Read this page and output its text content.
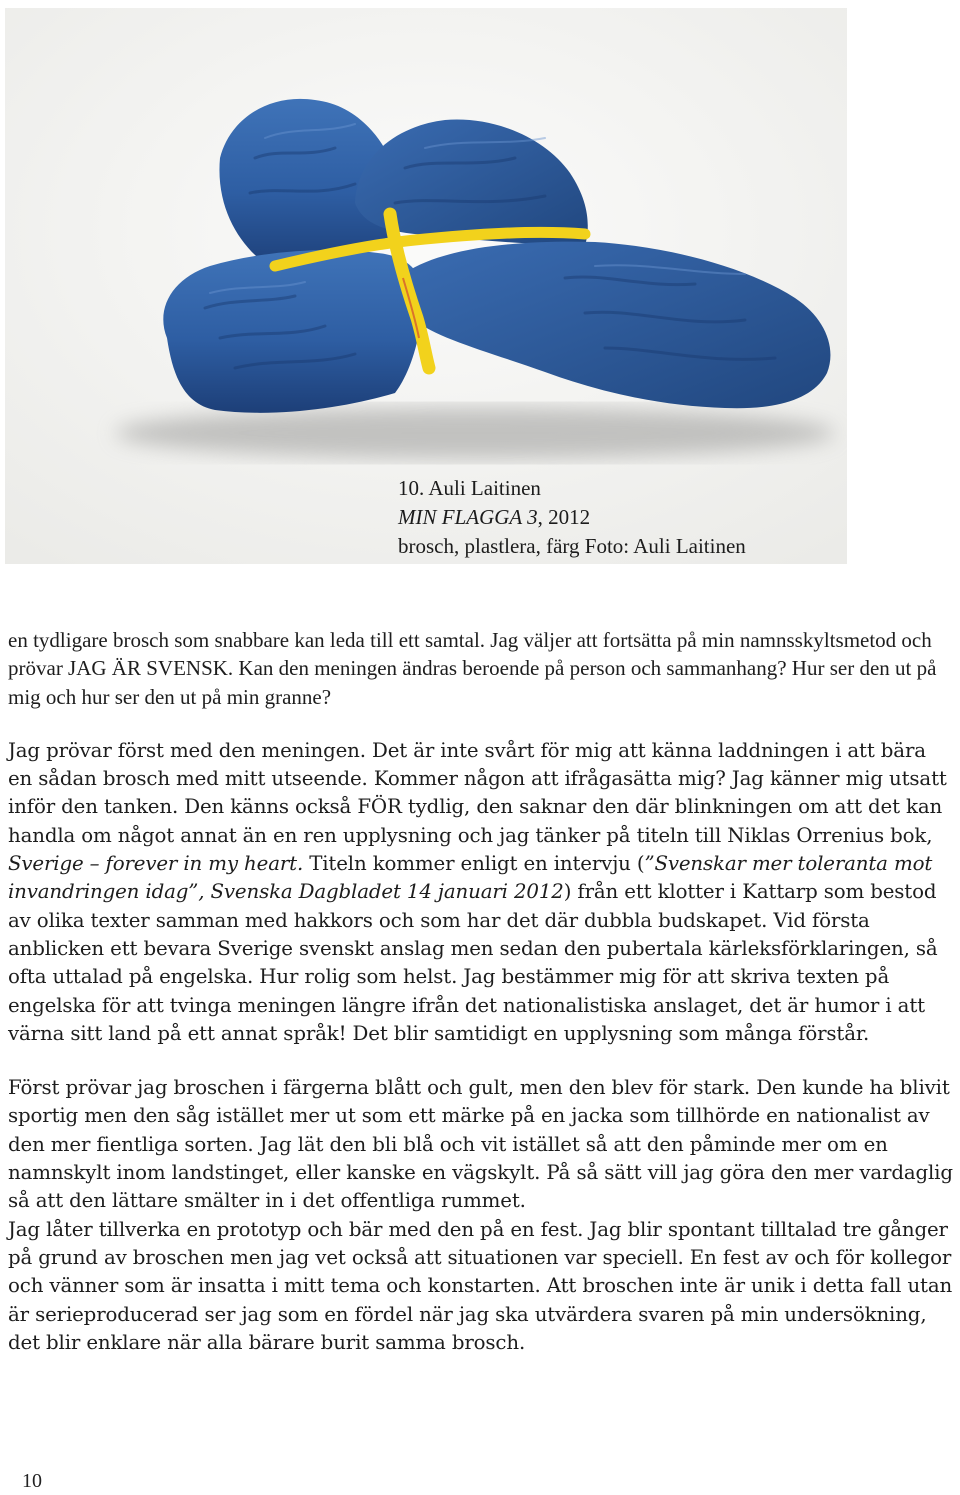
10. Auli Laitinen
MIN FLAGGA 3, 2012
brosch, plastlera, färg Foto: Auli Laitinen

en tydligare brosch som snabbare kan leda till ett samtal. Jag väljer att fortsätta på min namnsskyltsmetod och prövar JAG ÄR SVENSK. Kan den meningen ändras beroende på person och sammanhang? Hur ser den ut på mig och hur ser den ut på min granne?

Jag prövar först med den meningen. Det är inte svårt för mig att känna laddningen i att bära en sådan brosch med mitt utseende. Kommer någon att ifrågasätta mig? Jag känner mig utsatt inför den tanken. Den känns också FÖR tydlig, den saknar den där blinkningen om att det kan handla om något annat än en ren upplysning och jag tänker på titeln till Niklas Orrenius bok, Sverige – forever in my heart. Titeln kommer enligt en intervju (”Svenskar mer toleranta mot invandringen idag”, Svenska Dagbladet 14 januari 2012) från ett klotter i Kattarp som bestod av olika texter samman med hakkors och som har det där dubbla budskapet. Vid första anblicken ett bevara Sverige svenskt anslag men sedan den pubertala kärleksförklaringen, så ofta uttalad på engelska. Hur rolig som helst. Jag bestämmer mig för att skriva texten på engelska för att tvinga meningen längre ifrån det nationalistiska anslaget, det är humor i att värna sitt land på ett annat språk! Det blir samtidigt en upplysning som många förstår.

Först prövar jag broschen i färgerna blått och gult, men den blev för stark. Den kunde ha blivit sportig men den såg istället mer ut som ett märke på en jacka som tillhörde en nationalist av den mer fientliga sorten. Jag lät den bli blå och vit istället så att den påminde mer om en namnskylt inom landstinget, eller kanske en vägskylt. På så sätt vill jag göra den mer vardaglig så att den lättare smälter in i det offentliga rummet.

Jag låter tillverka en prototyp och bär med den på en fest. Jag blir spontant tilltalad tre gånger på grund av broschen men jag vet också att situationen var speciell. En fest av och för kollegor och vänner som är insatta i mitt tema och konstarten. Att broschen inte är unik i detta fall utan är serieproducerad ser jag som en fördel när jag ska utvärdera svaren på min undersökning, det blir enklare när alla bärare burit samma brosch.

10
